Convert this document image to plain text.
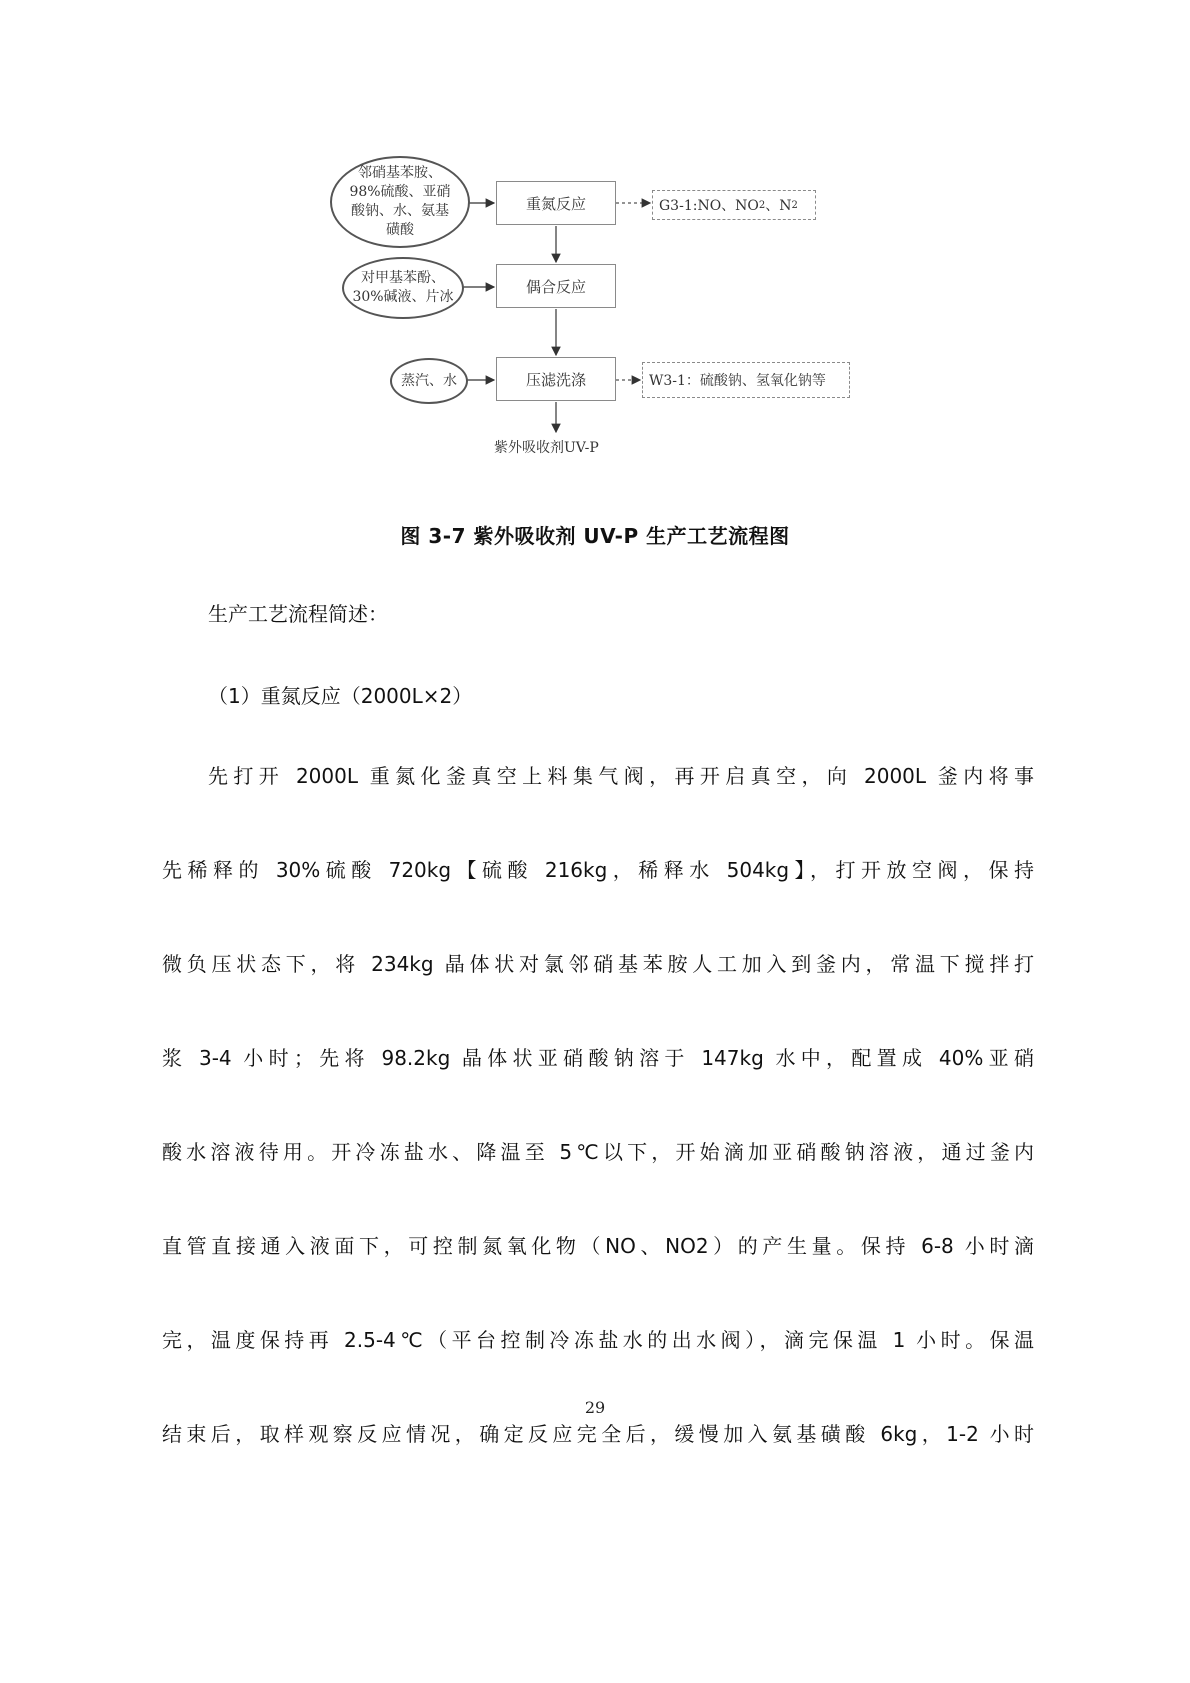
邻硝基苯胺、
98%硫酸、亚硝
酸钠、水、氨基
磺酸
对甲基苯酚、
30%碱液、片冰
蒸汽、水
重氮反应
偶合反应
压滤洗涤
G3-1:NO、NO 2 、N 2
W3-1：硫酸钠、氢氧化钠等
紫外吸收剂UV-P
图 3-7 紫外吸收剂 UV-P 生产工艺流程图
生产工艺流程简述：
（1）重氮反应（2000L×2）
先打开 2000L 重氮化釜真空上料集气阀，再开启真空，向 2000L 釜内将事
先稀释的 30%硫酸 720kg【硫酸 216kg，稀释水 504kg】，打开放空阀，保持
微负压状态下，将 234kg 晶体状对氯邻硝基苯胺人工加入到釜内，常温下搅拌打
浆 3-4 小时；先将 98.2kg 晶体状亚硝酸钠溶于 147kg 水中，配置成 40%亚硝
酸水溶液待用。开冷冻盐水、降温至 5℃以下，开始滴加亚硝酸钠溶液，通过釜内
直管直接通入液面下，可控制氮氧化物（NO、NO2）的产生量。保持 6-8 小时滴
完，温度保持再 2.5-4℃（平台控制冷冻盐水的出水阀），滴完保温 1 小时。保温
结束后，取样观察反应情况，确定反应完全后，缓慢加入氨基磺酸 6kg，1-2 小时
29
